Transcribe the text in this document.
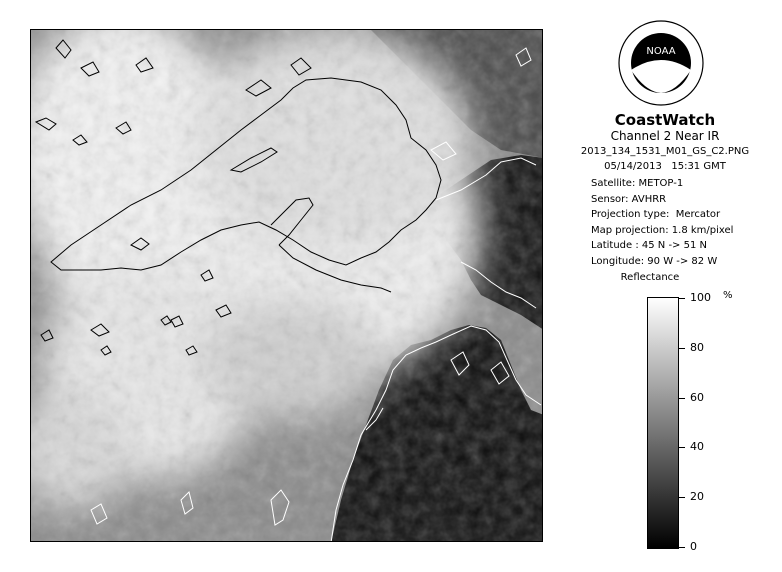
NOAA
CoastWatch
Channel 2 Near IR
2013_134_1531_M01_GS_C2.PNG
05/14/2013   15:31 GMT
Satellite: METOP-1
Sensor: AVHRR
Projection type:  Mercator
Map projection: 1.8 km/pixel
Latitude : 45 N -> 51 N
Longitude: 90 W -> 82 W
Reflectance
%
100
80
60
40
20
0
